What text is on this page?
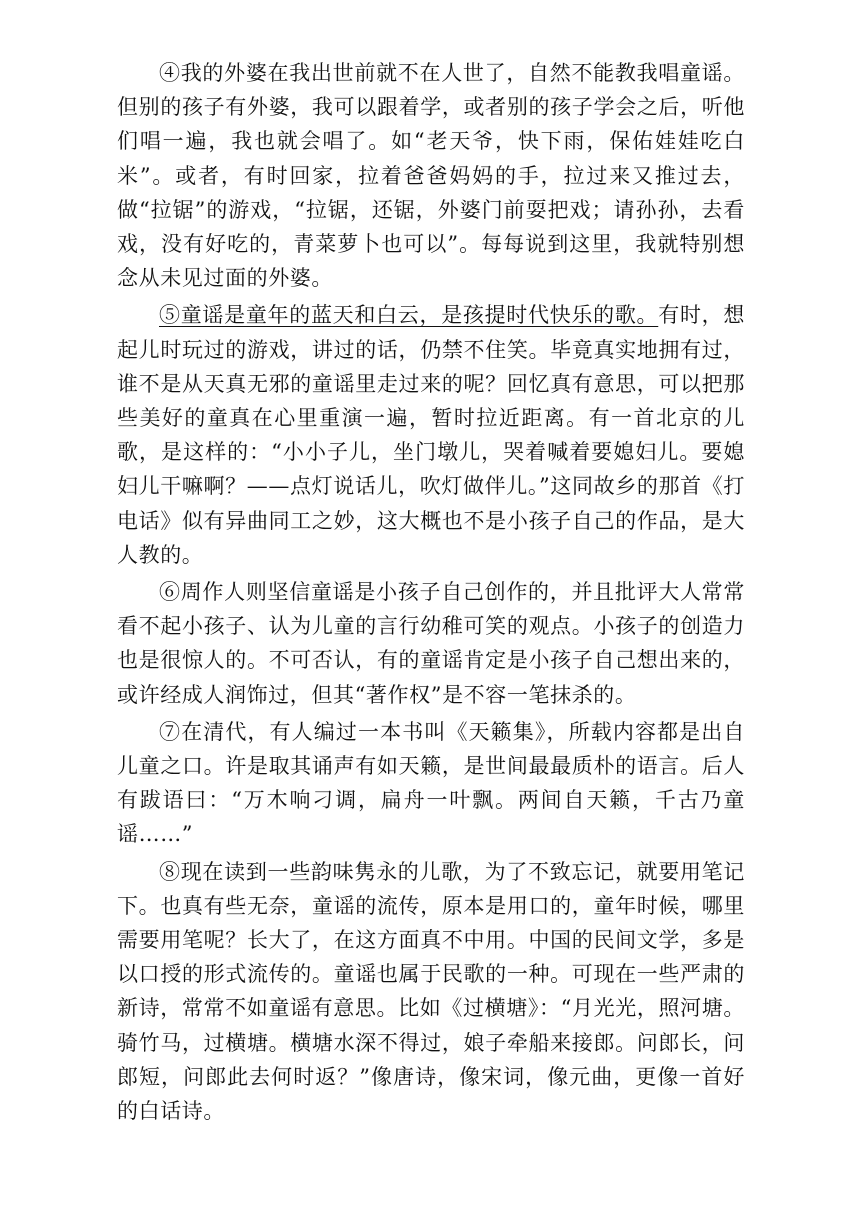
④我的外婆在我出世前就不在人世了，自然不能教我唱童谣。但别的孩子有外婆，我可以跟着学，或者别的孩子学会之后，听他们唱一遍，我也就会唱了。如“老天爷，快下雨，保佑娃娃吃白米”。或者，有时回家，拉着爸爸妈妈的手，拉过来又推过去，做“拉锯”的游戏，“拉锯，还锯，外婆门前耍把戏；请孙孙，去看戏，没有好吃的，青菜萝卜也可以”。每每说到这里，我就特别想念从未见过面的外婆。

⑤童谣是童年的蓝天和白云，是孩提时代快乐的歌。有时，想起儿时玩过的游戏，讲过的话，仍禁不住笑。毕竟真实地拥有过，谁不是从天真无邪的童谣里走过来的呢？回忆真有意思，可以把那些美好的童真在心里重演一遍，暂时拉近距离。有一首北京的儿歌，是这样的：“小小子儿，坐门墩儿，哭着喊着要媳妇儿。要媳妇儿干嘛啊？——点灯说话儿，吹灯做伴儿。”这同故乡的那首《打电话》似有异曲同工之妙，这大概也不是小孩子自己的作品，是大人教的。

⑥周作人则坚信童谣是小孩子自己创作的，并且批评大人常常看不起小孩子、认为儿童的言行幼稚可笑的观点。小孩子的创造力也是很惊人的。不可否认，有的童谣肯定是小孩子自己想出来的，或许经成人润饰过，但其“著作权”是不容一笔抹杀的。

⑦在清代，有人编过一本书叫《天籁集》，所载内容都是出自儿童之口。许是取其诵声有如天籁，是世间最最质朴的语言。后人有跋语曰：“万木响刁调，扁舟一叶飘。两间自天籁，千古乃童谣……”

⑧现在读到一些韵味隽永的儿歌，为了不致忘记，就要用笔记下。也真有些无奈，童谣的流传，原本是用口的，童年时候，哪里需要用笔呢？长大了，在这方面真不中用。中国的民间文学，多是以口授的形式流传的。童谣也属于民歌的一种。可现在一些严肃的新诗，常常不如童谣有意思。比如《过横塘》：“月光光，照河塘。骑竹马，过横塘。横塘水深不得过，娘子牵船来接郎。问郎长，问郎短，问郎此去何时返？”像唐诗，像宋词，像元曲，更像一首好的白话诗。
